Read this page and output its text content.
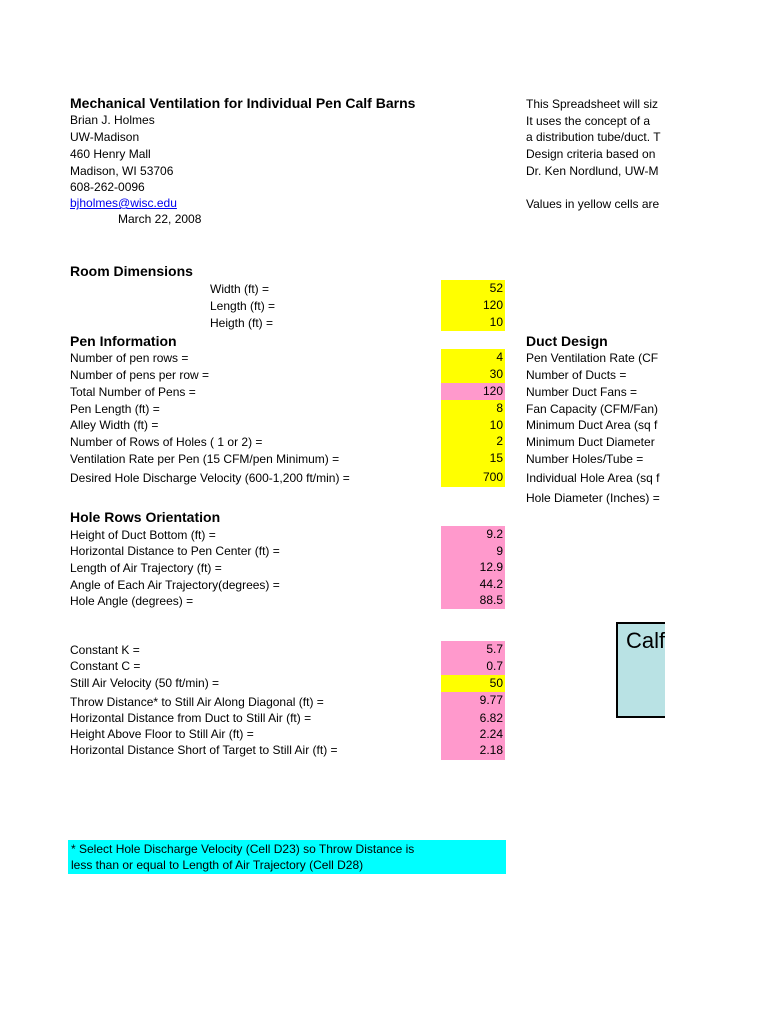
Mechanical Ventilation for Individual Pen Calf Barns
Brian J. Holmes
UW-Madison
460 Henry Mall
Madison, WI 53706
608-262-0096
bjholmes@wisc.edu
March 22, 2008
Room Dimensions
Width (ft) =	52
Length (ft) =	120
Heigth (ft) =	10
Pen Information
Number of pen rows =	4
Number of pens per row =	30
Total Number of Pens =	120
Pen Length (ft) =	8
Alley Width (ft) =	10
Number of Rows of Holes ( 1 or 2) =	2
Ventilation Rate per Pen (15 CFM/pen Minimum) =	15
Desired Hole Discharge Velocity (600-1,200 ft/min) =	700
Hole Rows Orientation
Height of Duct Bottom (ft) =	9.2
Horizontal Distance to Pen Center (ft) =	9
Length of Air Trajectory (ft) =	12.9
Angle of Each Air Trajectory(degrees) =	44.2
Hole Angle (degrees) =	88.5
Constant K =	5.7
Constant C =	0.7
Still Air Velocity (50 ft/min) =	50
Throw Distance* to Still Air Along Diagonal (ft) =	9.77
Horizontal Distance from Duct to Still Air (ft) =	6.82
Height Above Floor to Still Air (ft) =	2.24
Horizontal Distance Short of Target to Still Air (ft) =	2.18
* Select Hole Discharge Velocity (Cell D23) so Throw Distance is
less than or equal to Length of Air Trajectory (Cell D28)
This Spreadsheet will siz
It uses the concept of a
a distribution tube/duct. T
Design criteria based on
Dr. Ken Nordlund, UW-M
Values in yellow cells are
Duct Design
Pen Ventilation Rate (CF
Number of Ducts =
Number Duct Fans =
Fan Capacity (CFM/Fan)
Minimum Duct Area (sq f
Minimum Duct Diameter
Number Holes/Tube =
Individual Hole Area (sq f
Hole Diameter (Inches) =
Calf
